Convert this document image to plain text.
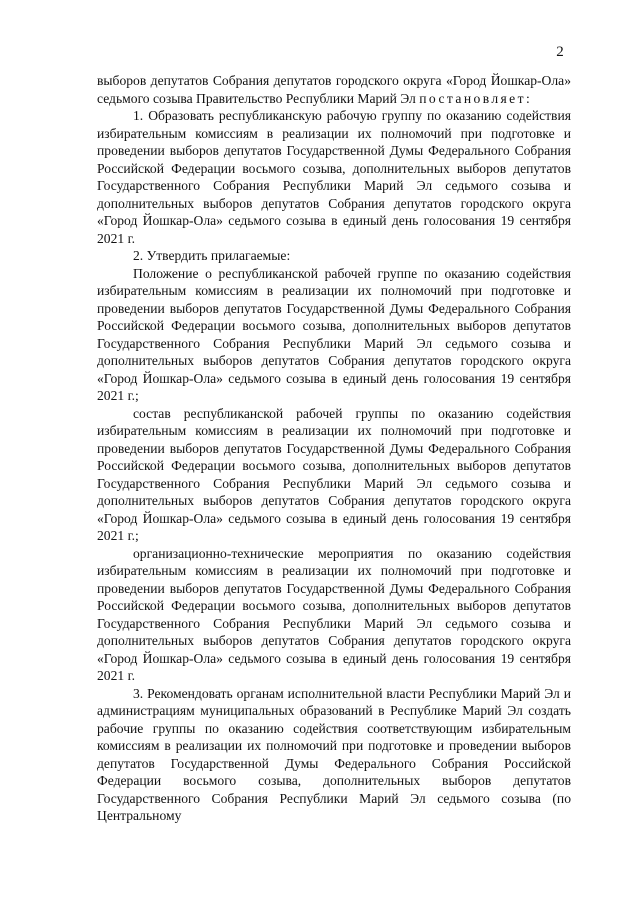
2

выборов депутатов Собрания депутатов городского округа «Город Йошкар-Ола» седьмого созыва Правительство Республики Марий Эл постановляет:

1. Образовать республиканскую рабочую группу по оказанию содействия избирательным комиссиям в реализации их полномочий при подготовке и проведении выборов депутатов Государственной Думы Федерального Собрания Российской Федерации восьмого созыва, дополнительных выборов депутатов Государственного Собрания Республики Марий Эл седьмого созыва и дополнительных выборов депутатов Собрания депутатов городского округа «Город Йошкар-Ола» седьмого созыва в единый день голосования 19 сентября 2021 г.

2. Утвердить прилагаемые:

Положение о республиканской рабочей группе по оказанию содействия избирательным комиссиям в реализации их полномочий при подготовке и проведении выборов депутатов Государственной Думы Федерального Собрания Российской Федерации восьмого созыва, дополнительных выборов депутатов Государственного Собрания Республики Марий Эл седьмого созыва и дополнительных выборов депутатов Собрания депутатов городского округа «Город Йошкар-Ола» седьмого созыва в единый день голосования 19 сентября 2021 г.;

состав республиканской рабочей группы по оказанию содействия избирательным комиссиям в реализации их полномочий при подготовке и проведении выборов депутатов Государственной Думы Федерального Собрания Российской Федерации восьмого созыва, дополнительных выборов депутатов Государственного Собрания Республики Марий Эл седьмого созыва и дополнительных выборов депутатов Собрания депутатов городского округа «Город Йошкар-Ола» седьмого созыва в единый день голосования 19 сентября 2021 г.;

организационно-технические мероприятия по оказанию содействия избирательным комиссиям в реализации их полномочий при подготовке и проведении выборов депутатов Государственной Думы Федерального Собрания Российской Федерации восьмого созыва, дополнительных выборов депутатов Государственного Собрания Республики Марий Эл седьмого созыва и дополнительных выборов депутатов Собрания депутатов городского округа «Город Йошкар-Ола» седьмого созыва в единый день голосования 19 сентября 2021 г.

3. Рекомендовать органам исполнительной власти Республики Марий Эл и администрациям муниципальных образований в Республике Марий Эл создать рабочие группы по оказанию содействия соответствующим избирательным комиссиям в реализации их полномочий при подготовке и проведении выборов депутатов Государственной Думы Федерального Собрания Российской Федерации восьмого созыва, дополнительных выборов депутатов Государственного Собрания Республики Марий Эл седьмого созыва (по Центральному
